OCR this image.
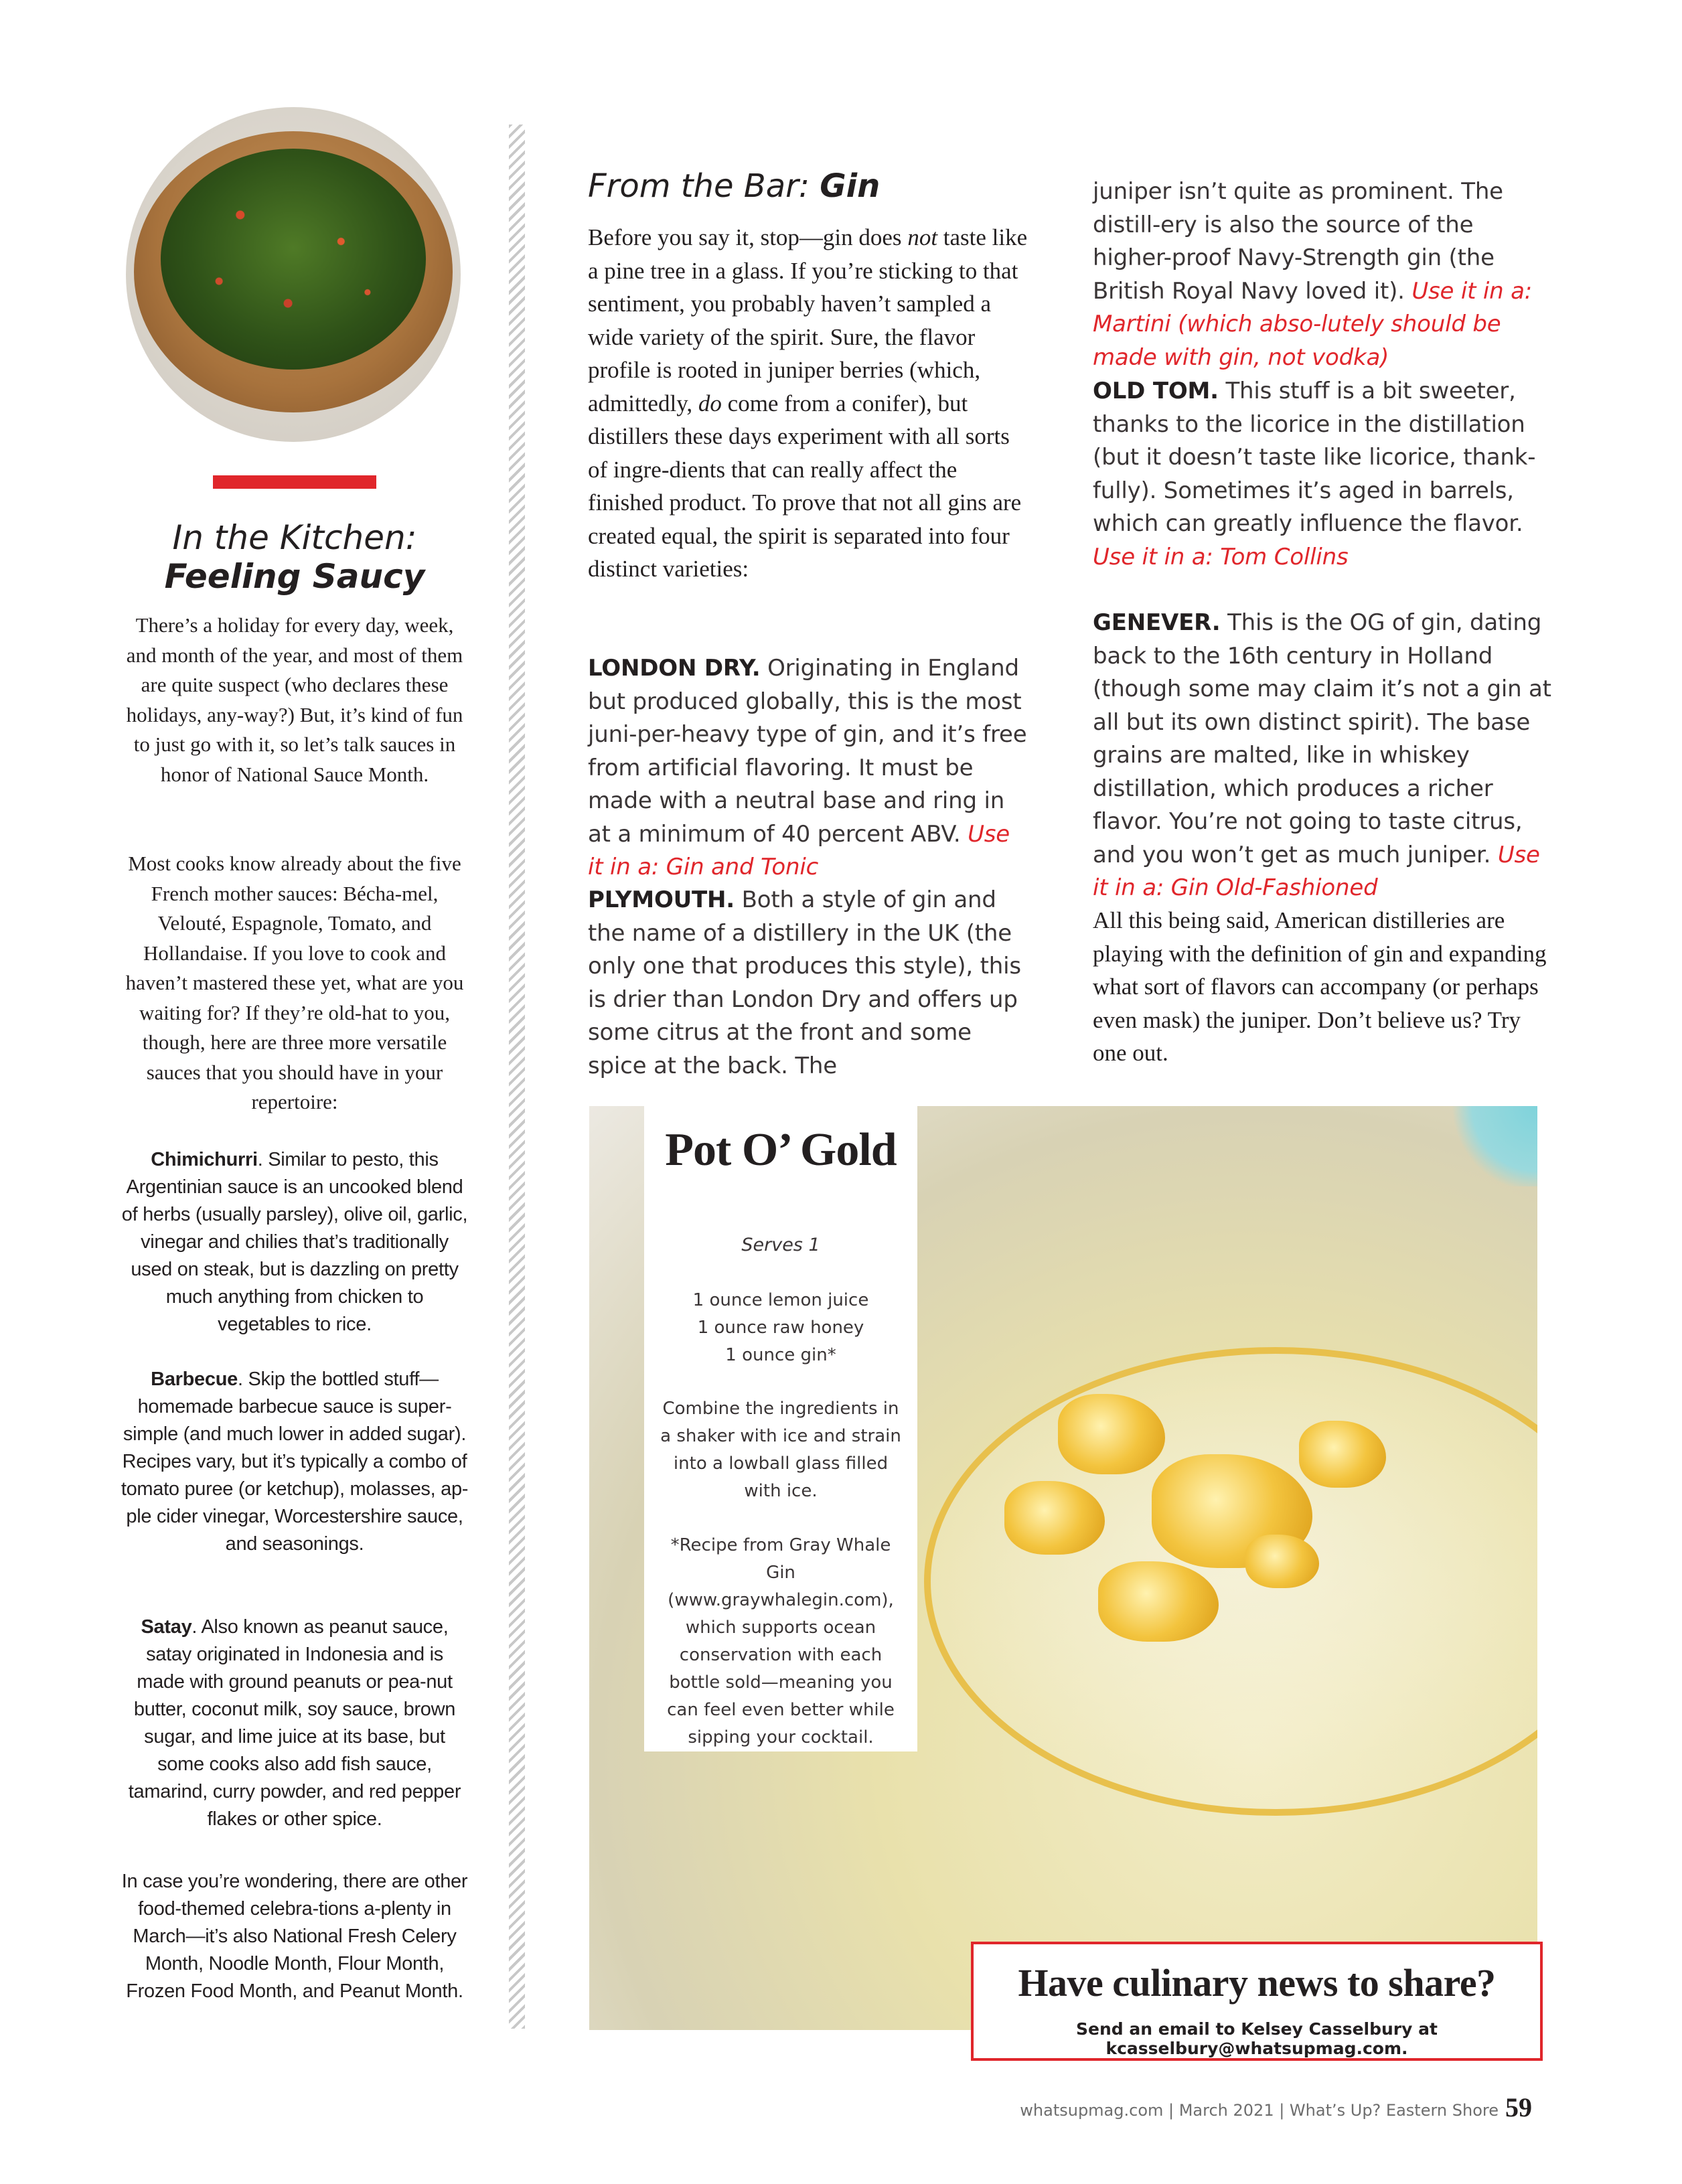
In the Kitchen:
Feeling Saucy
There’s a holiday for every day, week, and month of the year, and most of them are quite suspect (who declares these holidays, any-way?) But, it’s kind of fun to just go with it, so let’s talk sauces in honor of National Sauce Month.
Most cooks know already about the five French mother sauces: Bécha-mel, Velouté, Espagnole, Tomato, and Hollandaise. If you love to cook and haven’t mastered these yet, what are you waiting for? If they’re old-hat to you, though, here are three more versatile sauces that you should have in your repertoire:
Chimichurri. Similar to pesto, this Argentinian sauce is an uncooked blend of herbs (usually parsley), olive oil, garlic, vinegar and chilies that’s traditionally used on steak, but is dazzling on pretty much anything from chicken to vegetables to rice.
Barbecue. Skip the bottled stuff—homemade barbecue sauce is super-simple (and much lower in added sugar). Recipes vary, but it’s typically a combo of tomato puree (or ketchup), molasses, ap-ple cider vinegar, Worcestershire sauce, and seasonings.
Satay. Also known as peanut sauce, satay originated in Indonesia and is made with ground peanuts or pea-nut butter, coconut milk, soy sauce, brown sugar, and lime juice at its base, but some cooks also add fish sauce, tamarind, curry powder, and red pepper flakes or other spice.
In case you’re wondering, there are other food-themed celebra-tions a-plenty in March—it’s also National Fresh Celery Month, Noodle Month, Flour Month, Frozen Food Month, and Peanut Month.
From the Bar: Gin
Before you say it, stop—gin does not taste like a pine tree in a glass. If you’re sticking to that sentiment, you probably haven’t sampled a wide variety of the spirit. Sure, the flavor profile is rooted in juniper berries (which, admittedly, do come from a conifer), but distillers these days experiment with all sorts of ingre-dients that can really affect the finished product. To prove that not all gins are created equal, the spirit is separated into four distinct varieties:
LONDON DRY. Originating in England but produced globally, this is the most juni-per-heavy type of gin, and it’s free from artificial flavoring. It must be made with a neutral base and ring in at a minimum of 40 percent ABV. Use it in a: Gin and Tonic
PLYMOUTH. Both a style of gin and the name of a distillery in the UK (the only one that produces this style), this is drier than London Dry and offers up some citrus at the front and some spice at the back. The
juniper isn’t quite as prominent. The distill-ery is also the source of the higher-proof Navy-Strength gin (the British Royal Navy loved it). Use it in a: Martini (which abso-lutely should be made with gin, not vodka)
OLD TOM. This stuff is a bit sweeter, thanks to the licorice in the distillation (but it doesn’t taste like licorice, thank-fully). Sometimes it’s aged in barrels, which can greatly influence the flavor. Use it in a: Tom Collins
GENEVER. This is the OG of gin, dating back to the 16th century in Holland (though some may claim it’s not a gin at all but its own distinct spirit). The base grains are malted, like in whiskey distillation, which produces a richer flavor. You’re not going to taste citrus, and you won’t get as much juniper. Use it in a: Gin Old-Fashioned
All this being said, American distilleries are playing with the definition of gin and expanding what sort of flavors can accompany (or perhaps even mask) the juniper. Don’t believe us? Try one out.
Pot O’ Gold
Serves 1
1 ounce lemon juice
1 ounce raw honey
1 ounce gin*
Combine the ingredients in a shaker with ice and strain into a lowball glass filled with ice.
*Recipe from Gray Whale Gin (www.graywhalegin.com), which supports ocean conservation with each bottle sold—meaning you can feel even better while sipping your cocktail.
Have culinary news to share?
Send an email to Kelsey Casselbury at kcasselbury@whatsupmag.com.
whatsupmag.com | March 2021 | What’s Up? Eastern Shore 59
